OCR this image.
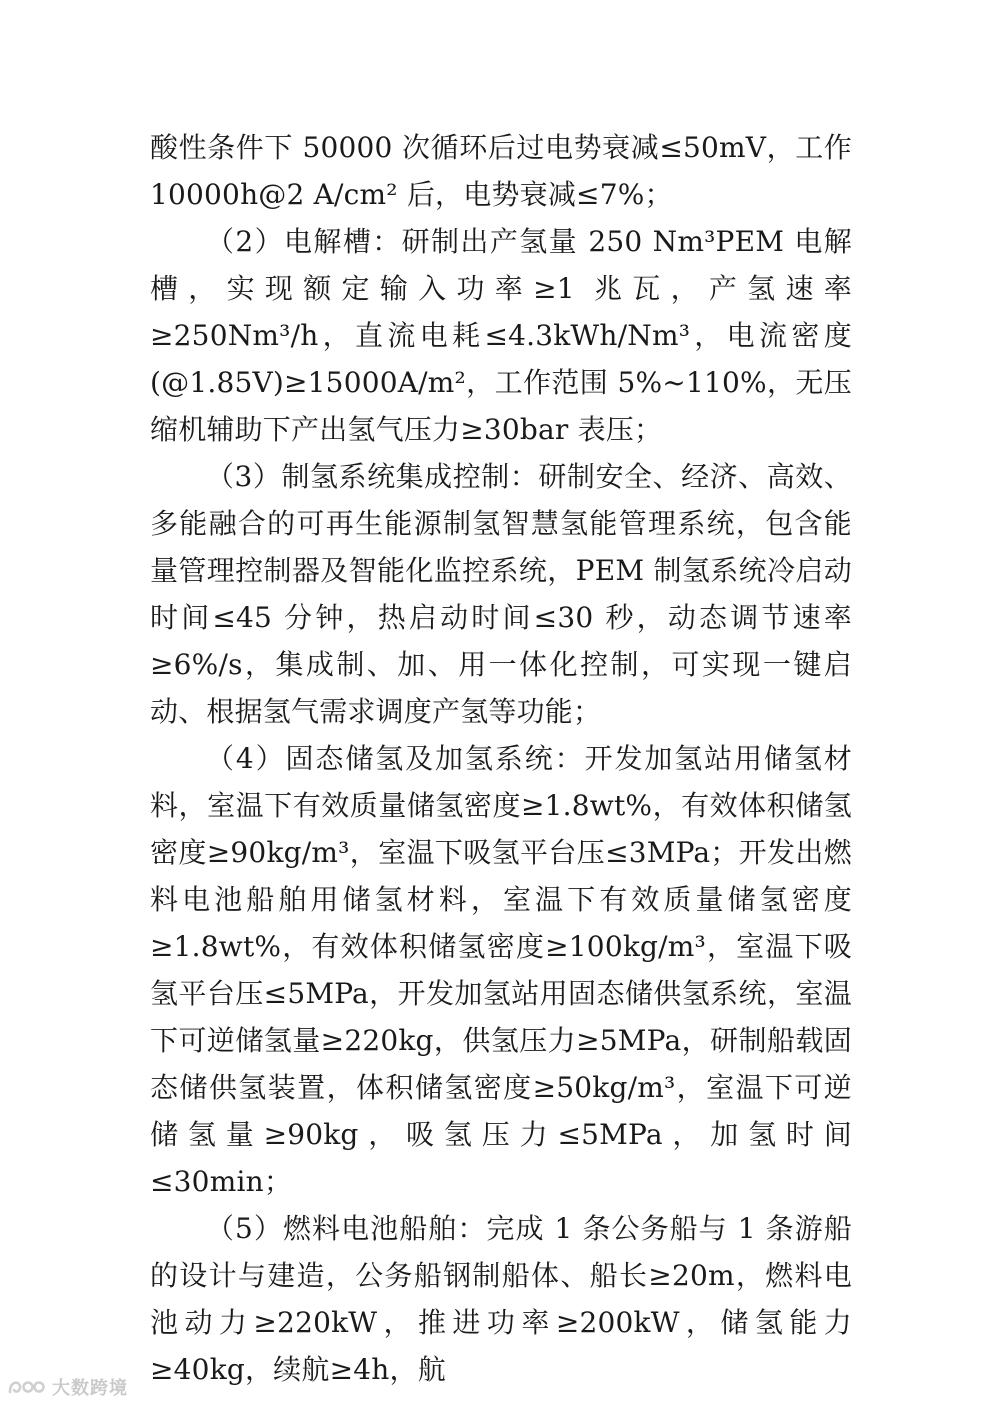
酸性条件下 50000 次循环后过电势衰减≤50mV，工作 10000h@2 A/cm² 后，电势衰减≤7%；

（2）电解槽：研制出产氢量 250 Nm³PEM 电解槽，实现额定输入功率≥1 兆瓦，产氢速率≥250Nm³/h，直流电耗≤4.3kWh/Nm³，电流密度(@1.85V)≥15000A/m²，工作范围 5%~110%，无压缩机辅助下产出氢气压力≥30bar 表压；

（3）制氢系统集成控制：研制安全、经济、高效、多能融合的可再生能源制氢智慧氢能管理系统，包含能量管理控制器及智能化监控系统，PEM 制氢系统冷启动时间≤45 分钟，热启动时间≤30 秒，动态调节速率≥6%/s，集成制、加、用一体化控制，可实现一键启动、根据氢气需求调度产氢等功能；

（4）固态储氢及加氢系统：开发加氢站用储氢材料，室温下有效质量储氢密度≥1.8wt%，有效体积储氢密度≥90kg/m³，室温下吸氢平台压≤3MPa；开发出燃料电池船舶用储氢材料，室温下有效质量储氢密度≥1.8wt%，有效体积储氢密度≥100kg/m³，室温下吸氢平台压≤5MPa，开发加氢站用固态储供氢系统，室温下可逆储氢量≥220kg，供氢压力≥5MPa，研制船载固态储供氢装置，体积储氢密度≥50kg/m³，室温下可逆储氢量≥90kg，吸氢压力≤5MPa，加氢时间≤30min；

（5）燃料电池船舶：完成 1 条公务船与 1 条游船的设计与建造，公务船钢制船体、船长≥20m，燃料电池动力≥220kW，推进功率≥200kW，储氢能力≥40kg，续航≥4h，航

大数跨境
